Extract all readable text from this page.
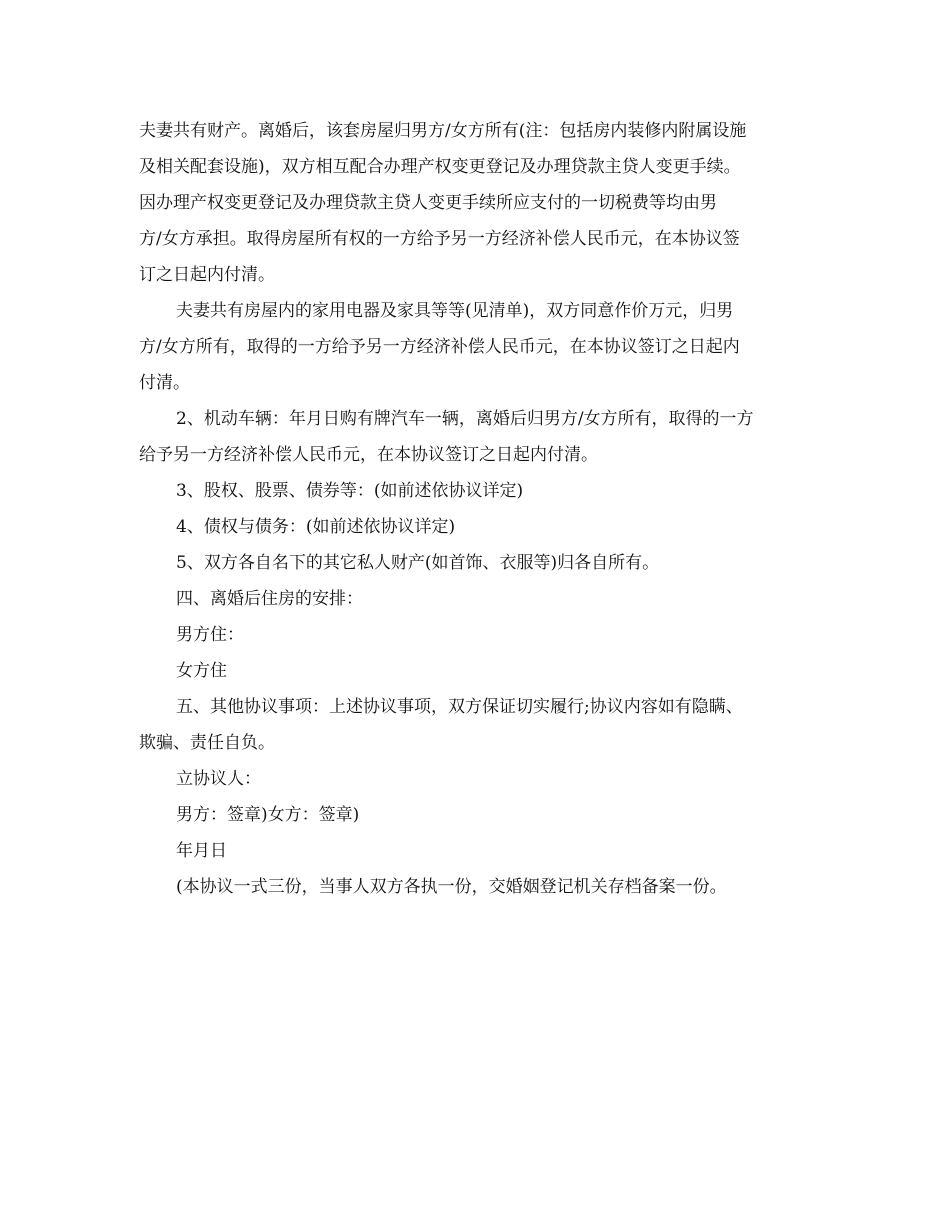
夫妻共有财产。离婚后，该套房屋归男方/女方所有(注：包括房内装修内附属设施
及相关配套设施)，双方相互配合办理产权变更登记及办理贷款主贷人变更手续。
因办理产权变更登记及办理贷款主贷人变更手续所应支付的一切税费等均由男
方/女方承担。取得房屋所有权的一方给予另一方经济补偿人民币元，在本协议签
订之日起内付清。
夫妻共有房屋内的家用电器及家具等等(见清单)，双方同意作价万元，归男
方/女方所有，取得的一方给予另一方经济补偿人民币元，在本协议签订之日起内
付清。
2、机动车辆：年月日购有牌汽车一辆，离婚后归男方/女方所有，取得的一方
给予另一方经济补偿人民币元，在本协议签订之日起内付清。
3、股权、股票、债券等：(如前述依协议详定)
4、债权与债务：(如前述依协议详定)
5、双方各自名下的其它私人财产(如首饰、衣服等)归各自所有。
四、离婚后住房的安排：
男方住：
女方住
五、其他协议事项：上述协议事项，双方保证切实履行;协议内容如有隐瞒、
欺骗、责任自负。
立协议人：
男方：签章)女方：签章)
年月日
(本协议一式三份，当事人双方各执一份，交婚姻登记机关存档备案一份。
